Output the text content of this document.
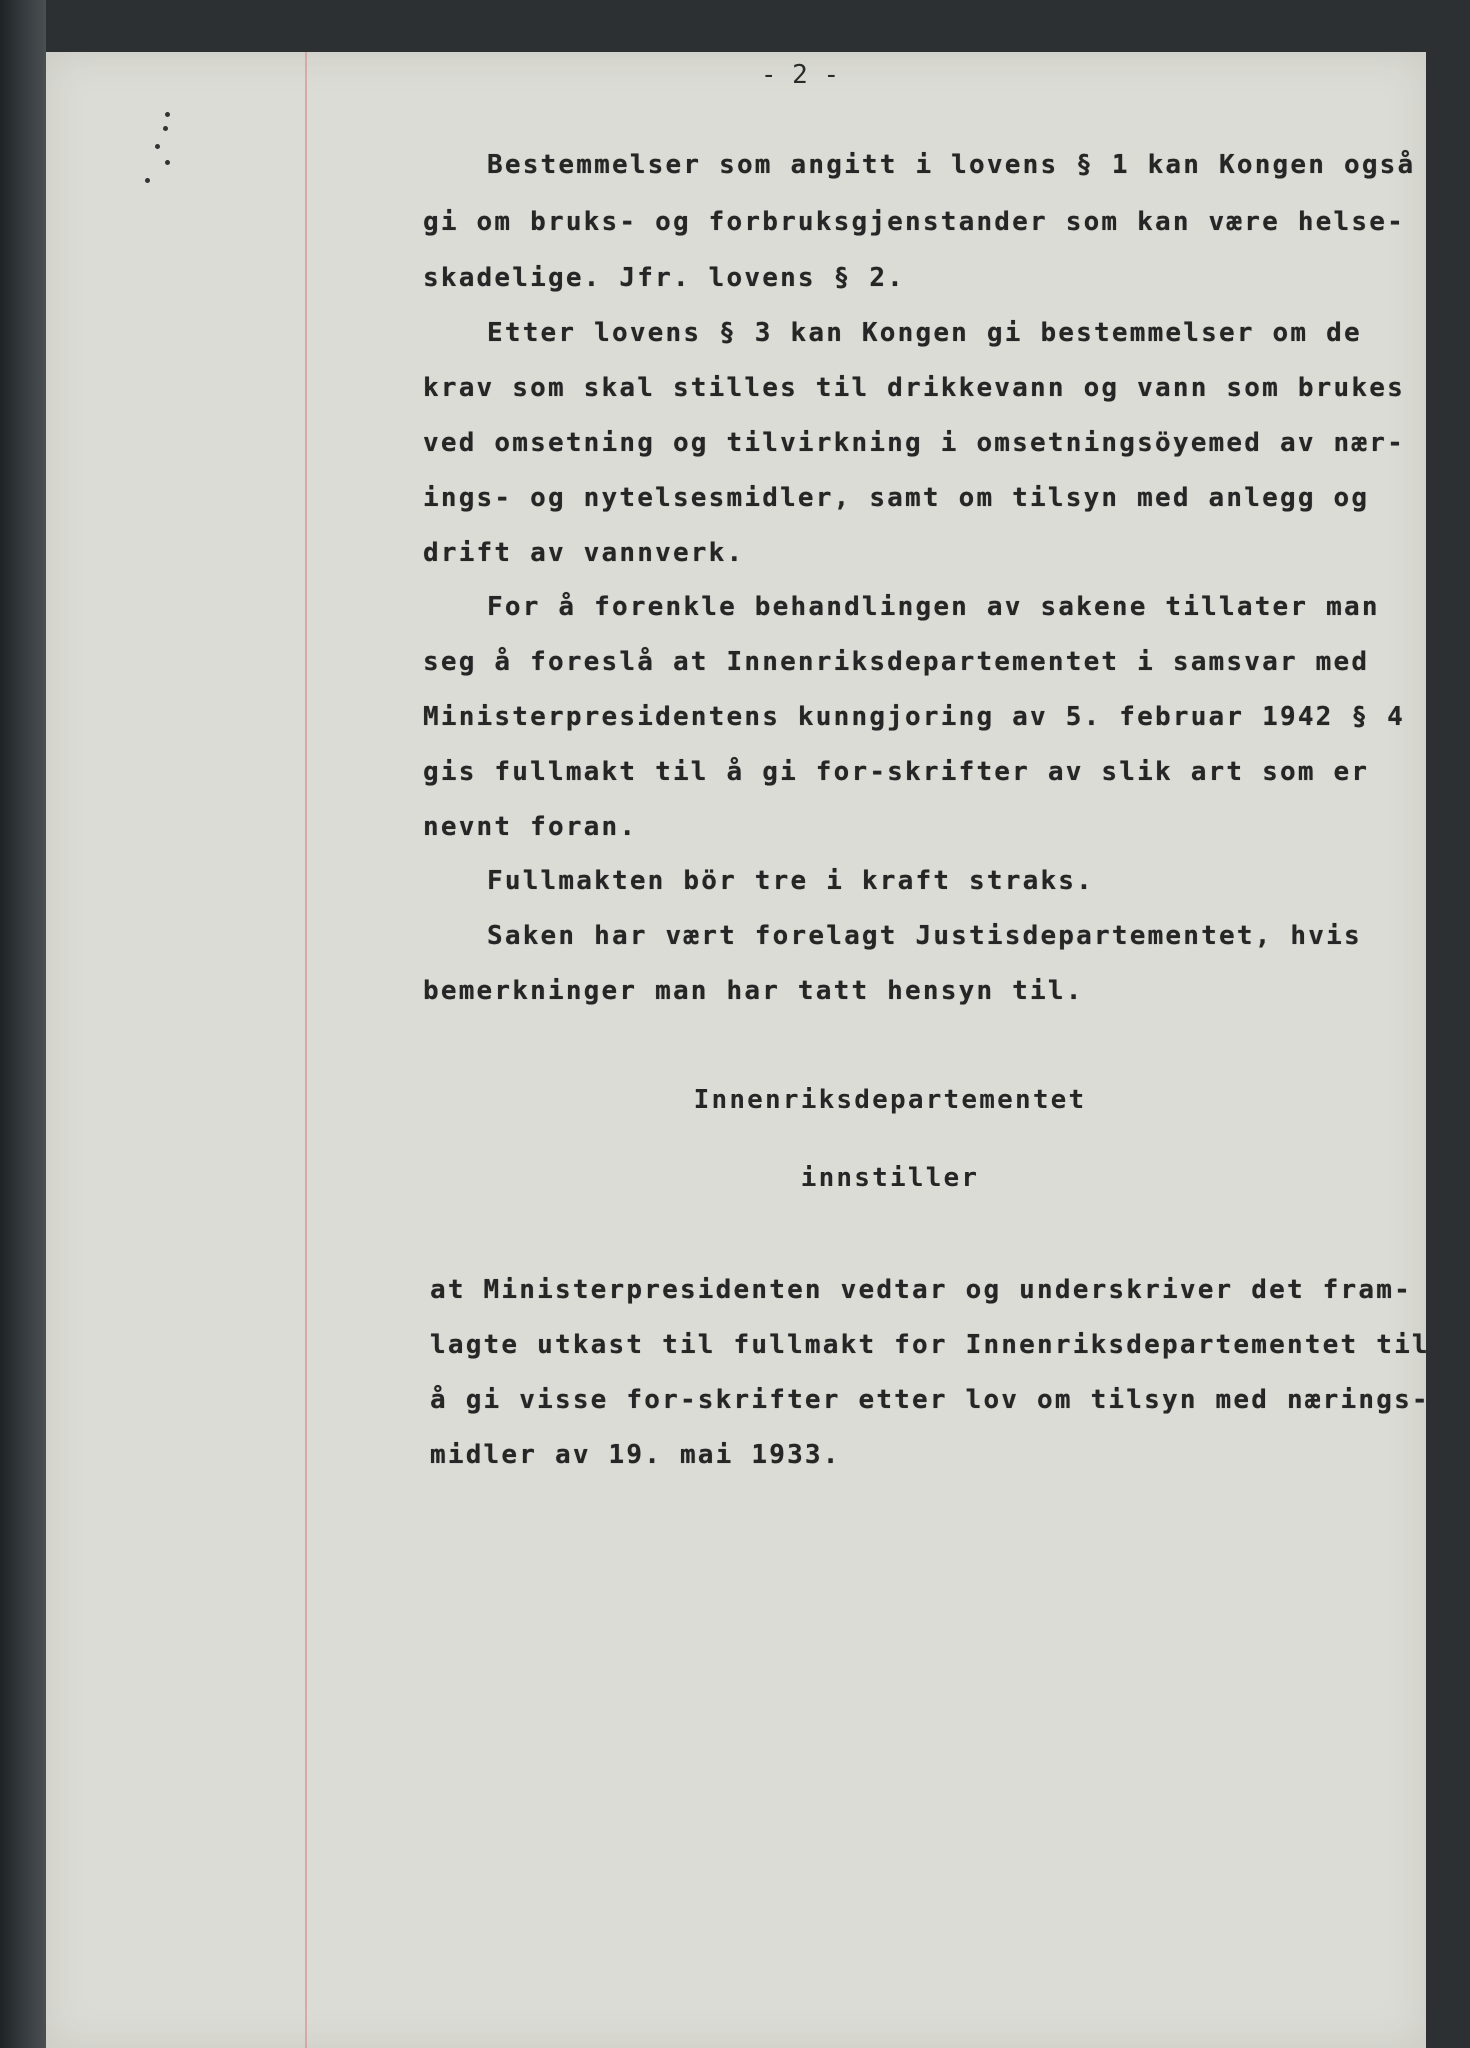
- 2 -
Bestemmelser som angitt i lovens § 1 kan Kongen også
gi om bruks- og forbruksgjenstander som kan være helse-
skadelige. Jfr. lovens § 2.
Etter lovens § 3 kan Kongen gi bestemmelser om de
krav som skal stilles til drikkevann og vann som brukes
ved omsetning og tilvirkning i omsetningsöyemed av nær-
ings- og nytelsesmidler, samt om tilsyn med anlegg og
drift av vannverk.
For å forenkle behandlingen av sakene tillater man
seg å foreslå at Innenriksdepartementet i samsvar med
Ministerpresidentens kunngjoring av 5. februar 1942 § 4
gis fullmakt til å gi for-skrifter av slik art som er
nevnt foran.
Fullmakten bör tre i kraft straks.
Saken har vært forelagt Justisdepartementet, hvis
bemerkninger man har tatt hensyn til.
Innenriksdepartementet
innstiller
at Ministerpresidenten vedtar og underskriver det fram-
lagte utkast til fullmakt for Innenriksdepartementet til
å gi visse for-skrifter etter lov om tilsyn med nærings-
midler av 19. mai 1933.
